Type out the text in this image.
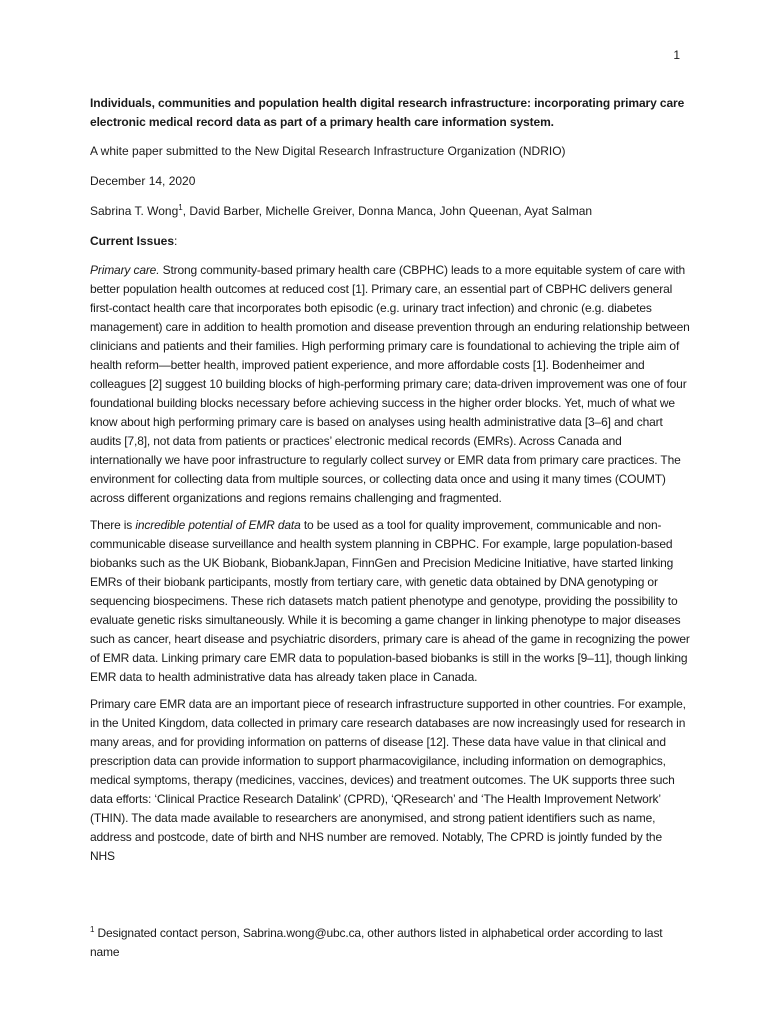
1

Individuals, communities and population health digital research infrastructure: incorporating primary care electronic medical record data as part of a primary health care information system.

A white paper submitted to the New Digital Research Infrastructure Organization (NDRIO)

December 14, 2020

Sabrina T. Wong$^1$, David Barber, Michelle Greiver, Donna Manca, John Queenan, Ayat Salman

Current Issues:

Primary care. Strong community-based primary health care (CBPHC) leads to a more equitable system of care with better population health outcomes at reduced cost [1]. Primary care, an essential part of CBPHC delivers general first-contact health care that incorporates both episodic (e.g. urinary tract infection) and chronic (e.g. diabetes management) care in addition to health promotion and disease prevention through an enduring relationship between clinicians and patients and their families. High performing primary care is foundational to achieving the triple aim of health reform—better health, improved patient experience, and more affordable costs [1]. Bodenheimer and colleagues [2] suggest 10 building blocks of high-performing primary care; data-driven improvement was one of four foundational building blocks necessary before achieving success in the higher order blocks. Yet, much of what we know about high performing primary care is based on analyses using health administrative data [3–6] and chart audits [7,8], not data from patients or practices’ electronic medical records (EMRs). Across Canada and internationally we have poor infrastructure to regularly collect survey or EMR data from primary care practices. The environment for collecting data from multiple sources, or collecting data once and using it many times (COUMT) across different organizations and regions remains challenging and fragmented.

There is incredible potential of EMR data to be used as a tool for quality improvement, communicable and non-communicable disease surveillance and health system planning in CBPHC. For example, large population-based biobanks such as the UK Biobank, BiobankJapan, FinnGen and Precision Medicine Initiative, have started linking EMRs of their biobank participants, mostly from tertiary care, with genetic data obtained by DNA genotyping or sequencing biospecimens. These rich datasets match patient phenotype and genotype, providing the possibility to evaluate genetic risks simultaneously. While it is becoming a game changer in linking phenotype to major diseases such as cancer, heart disease and psychiatric disorders, primary care is ahead of the game in recognizing the power of EMR data. Linking primary care EMR data to population-based biobanks is still in the works [9–11], though linking EMR data to health administrative data has already taken place in Canada.

Primary care EMR data are an important piece of research infrastructure supported in other countries. For example, in the United Kingdom, data collected in primary care research databases are now increasingly used for research in many areas, and for providing information on patterns of disease [12]. These data have value in that clinical and prescription data can provide information to support pharmacovigilance, including information on demographics, medical symptoms, therapy (medicines, vaccines, devices) and treatment outcomes. The UK supports three such data efforts: ‘Clinical Practice Research Datalink’ (CPRD), ‘QResearch’ and ‘The Health Improvement Network’ (THIN). The data made available to researchers are anonymised, and strong patient identifiers such as name, address and postcode, date of birth and NHS number are removed. Notably, The CPRD is jointly funded by the NHS

$^1$ Designated contact person, Sabrina.wong@ubc.ca, other authors listed in alphabetical order according to last name
